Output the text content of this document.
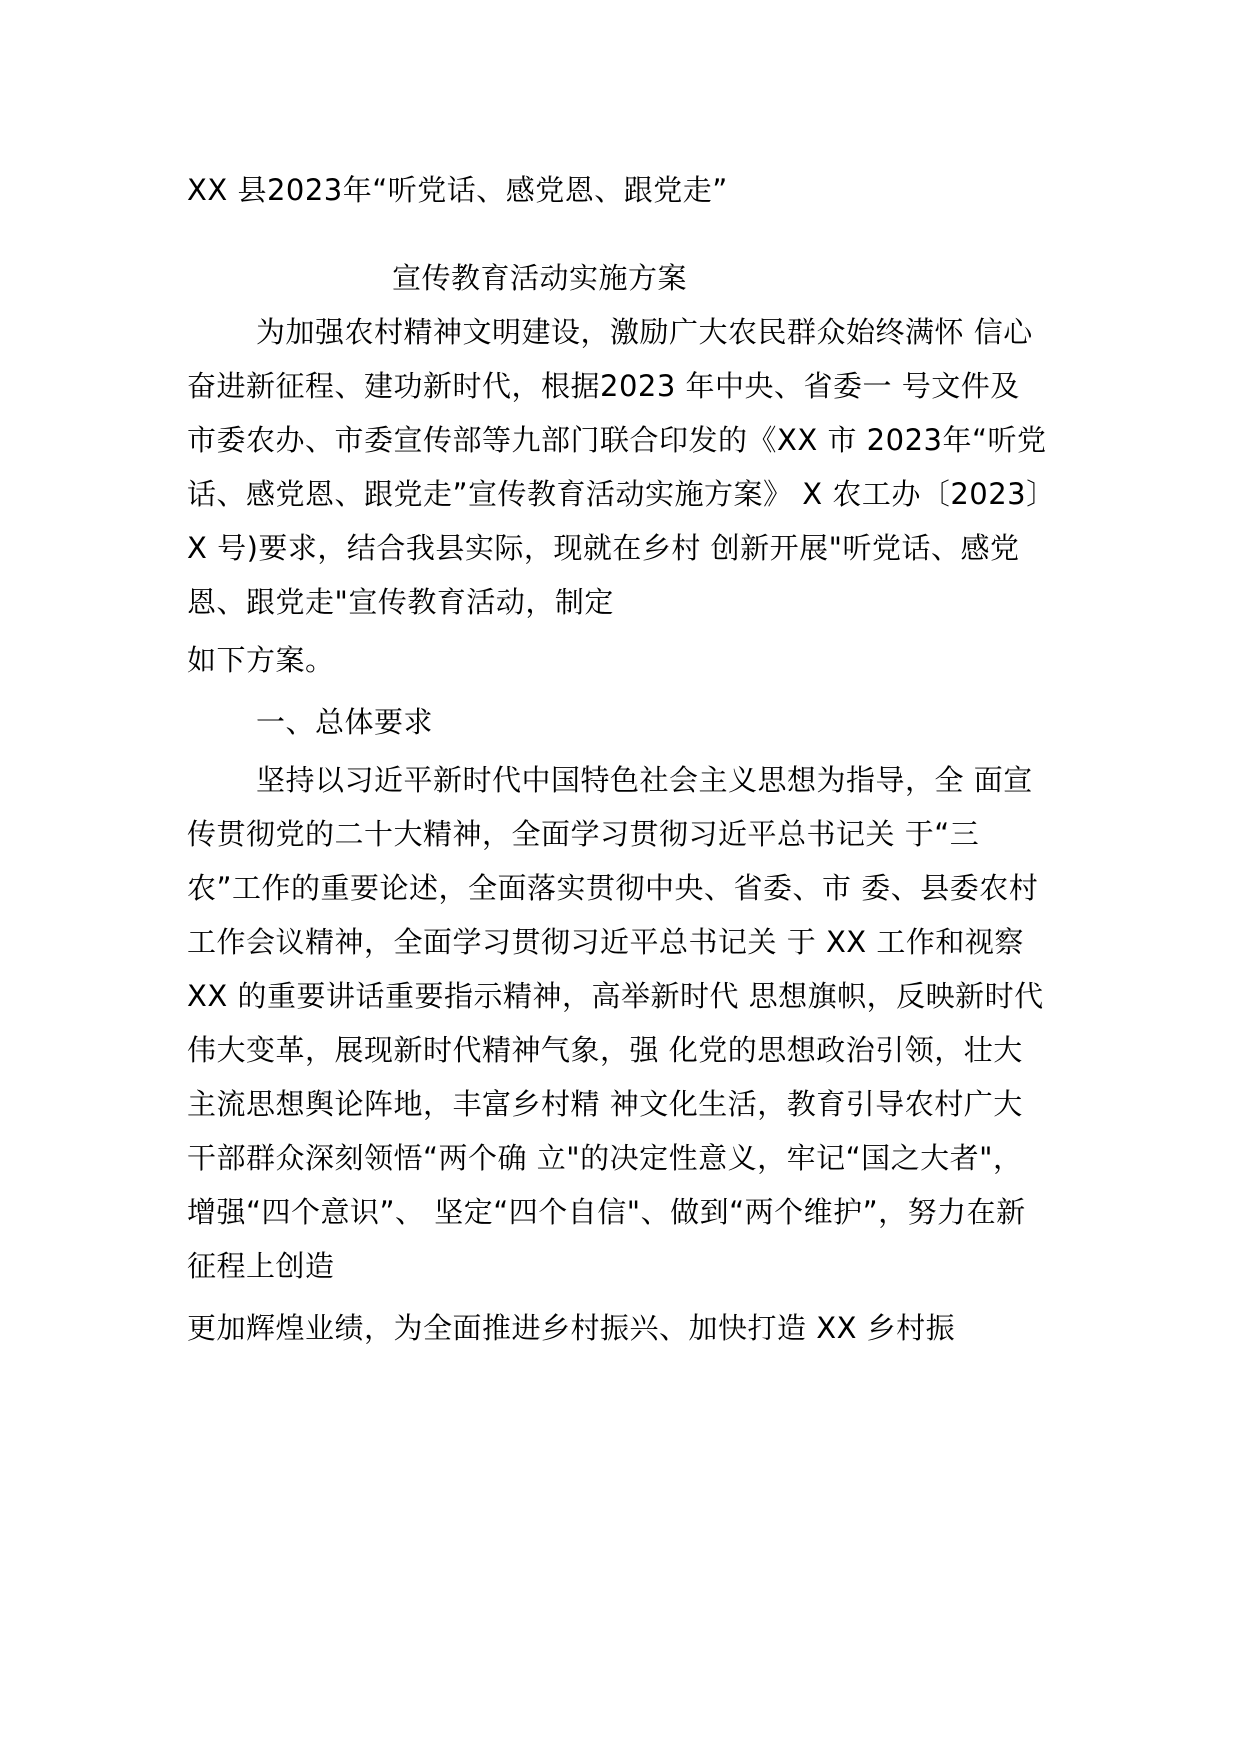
XX 县2023年“听党话、感党恩、跟党走”
宣传教育活动实施方案
为加强农村精神文明建设，激励广大农民群众始终满怀 信心
奋进新征程、建功新时代，根据2023 年中央、省委一 号文件及
市委农办、市委宣传部等九部门联合印发的《XX 市 2023年“听党
话、感党恩、跟党走”宣传教育活动实施方案》 X 农工办〔2023〕
X 号)要求，结合我县实际，现就在乡村 创新开展"听党话、感党
恩、跟党走"宣传教育活动，制定
如下方案。
一、总体要求
坚持以习近平新时代中国特色社会主义思想为指导，全 面宣
传贯彻党的二十大精神，全面学习贯彻习近平总书记关 于“三
农”工作的重要论述，全面落实贯彻中央、省委、市 委、县委农村
工作会议精神，全面学习贯彻习近平总书记关 于 XX 工作和视察
XX 的重要讲话重要指示精神，高举新时代 思想旗帜，反映新时代
伟大变革，展现新时代精神气象，强 化党的思想政治引领，壮大
主流思想舆论阵地，丰富乡村精 神文化生活，教育引导农村广大
干部群众深刻领悟“两个确 立"的决定性意义，牢记“国之大者"，
增强“四个意识”、 坚定“四个自信"、做到“两个维护”，努力在新
征程上创造
更加辉煌业绩，为全面推进乡村振兴、加快打造 XX 乡村振
